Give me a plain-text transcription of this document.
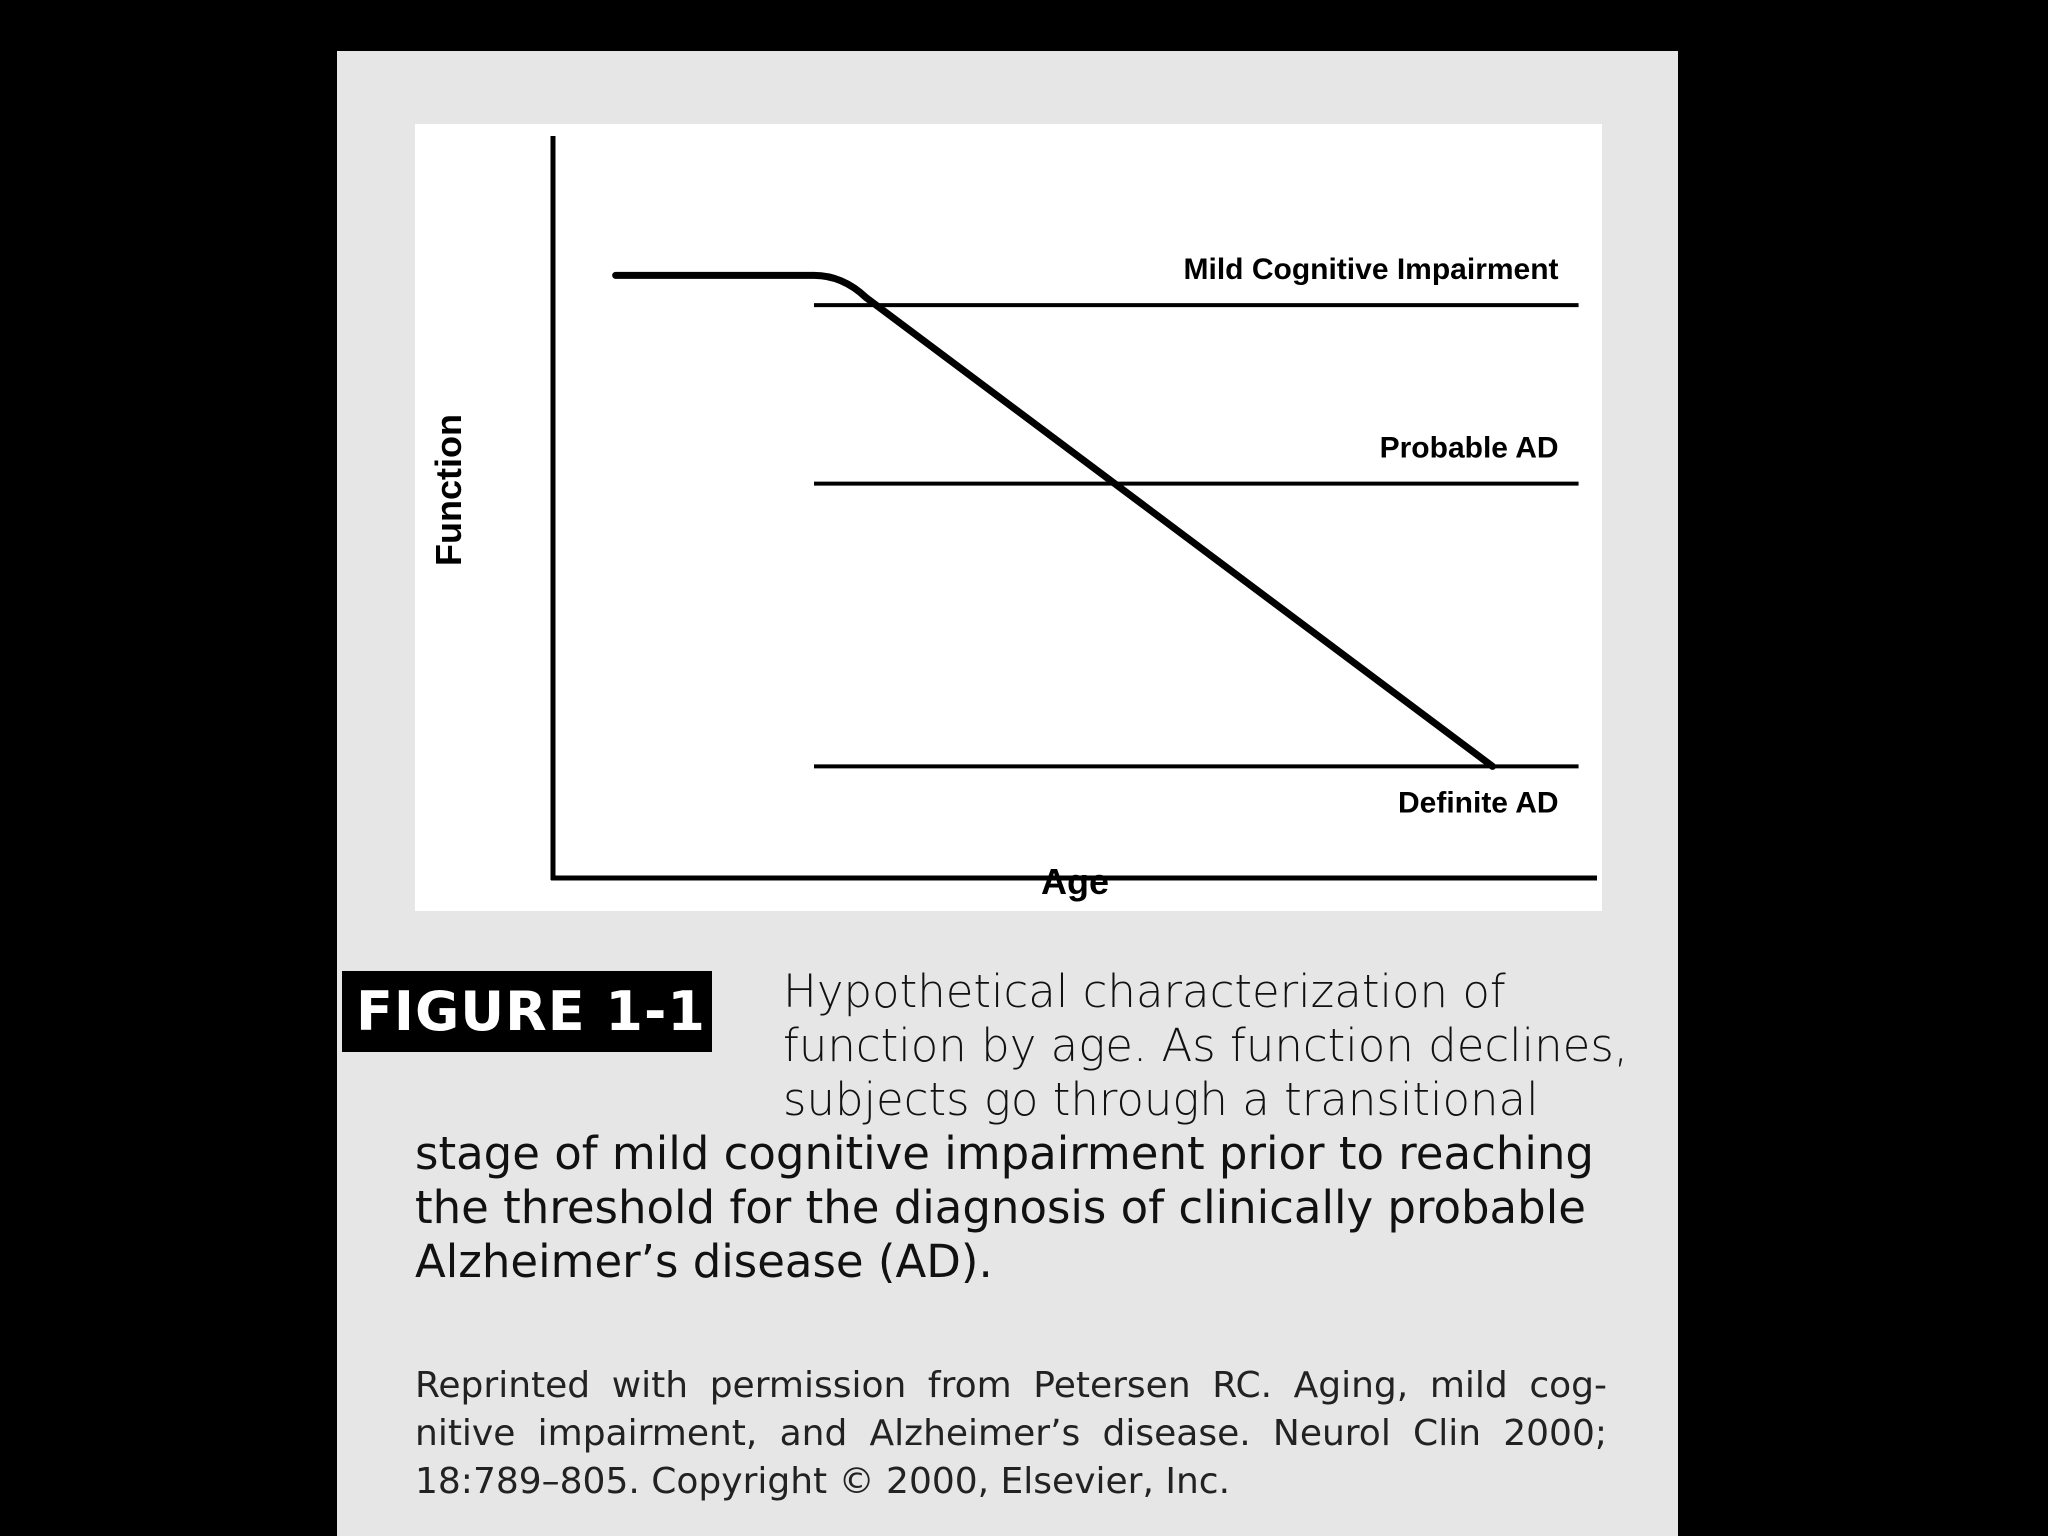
Mild Cognitive Impairment
Probable AD
Definite AD
Age
Function
FIGURE 1-1 Hypothetical characterization of
function by age. As function declines,
subjects go through a transitional
stage of mild cognitive impairment prior to reaching
the threshold for the diagnosis of clinically probable
Alzheimer’s disease (AD).
Reprinted with permission from Petersen RC. Aging, mild cog-
nitive impairment, and Alzheimer’s disease. Neurol Clin 2000;
18:789–805. Copyright © 2000, Elsevier, Inc.
